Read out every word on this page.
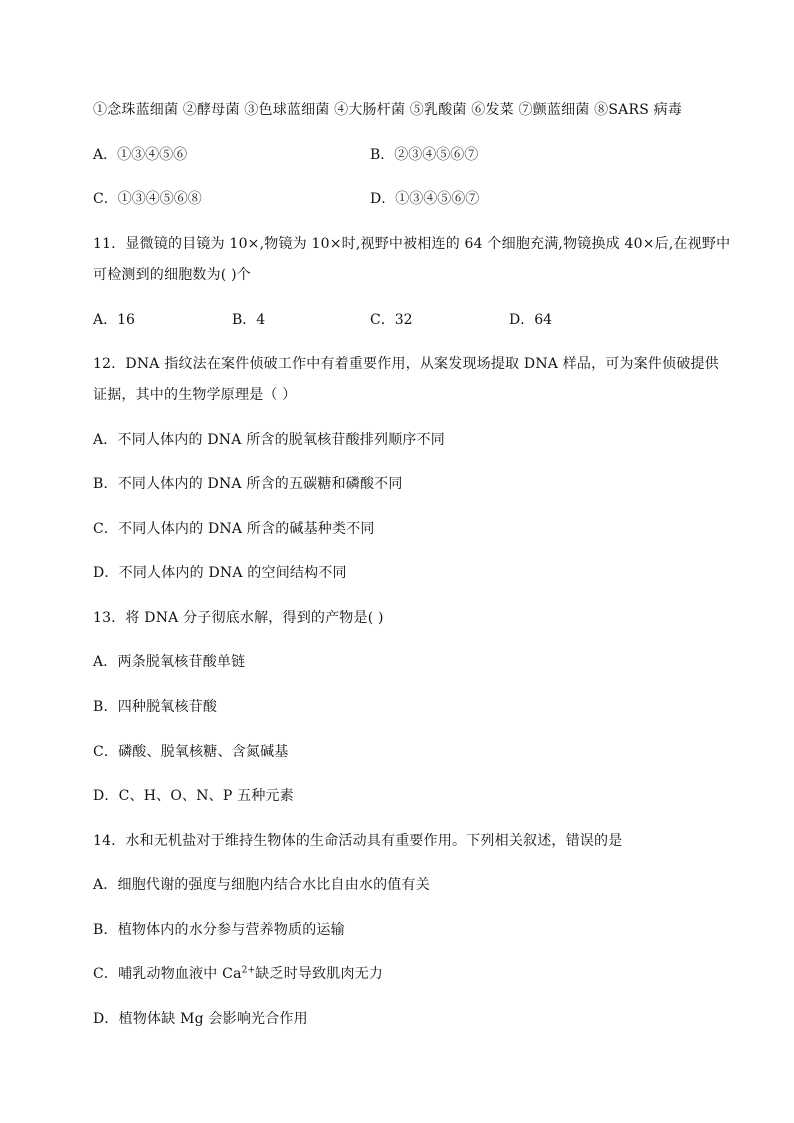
①念珠蓝细菌 ②酵母菌 ③色球蓝细菌 ④大肠杆菌 ⑤乳酸菌 ⑥发菜 ⑦颤蓝细菌 ⑧SARS 病毒
A．①③④⑤⑥	B．②③④⑤⑥⑦
C．①③④⑤⑥⑧	D．①③④⑤⑥⑦
11．显微镜的目镜为 10×,物镜为 10×时,视野中被相连的 64 个细胞充满,物镜换成 40×后,在视野中
可检测到的细胞数为( )个
A．16	B．4	C．32	D．64
12．DNA 指纹法在案件侦破工作中有着重要作用，从案发现场提取 DNA 样品，可为案件侦破提供
证据，其中的生物学原理是（ ）
A．不同人体内的 DNA 所含的脱氧核苷酸排列顺序不同
B．不同人体内的 DNA 所含的五碳糖和磷酸不同
C．不同人体内的 DNA 所含的碱基种类不同
D．不同人体内的 DNA 的空间结构不同
13．将 DNA 分子彻底水解，得到的产物是( )
A．两条脱氧核苷酸单链
B．四种脱氧核苷酸
C．磷酸、脱氧核糖、含氮碱基
D．C、H、O、N、P 五种元素
14．水和无机盐对于维持生物体的生命活动具有重要作用。下列相关叙述，错误的是
A．细胞代谢的强度与细胞内结合水比自由水的值有关
B．植物体内的水分参与营养物质的运输
C．哺乳动物血液中 $Ca^{2+}$缺乏时导致肌肉无力
D．植物体缺 Mg 会影响光合作用
